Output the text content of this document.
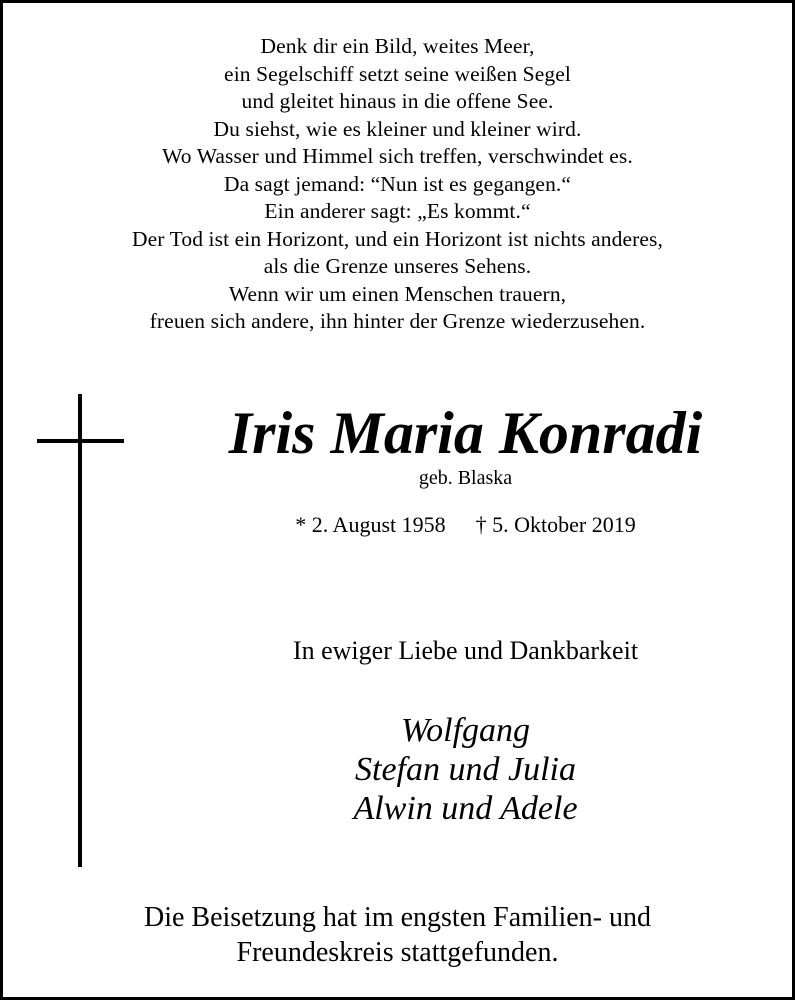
Denk dir ein Bild, weites Meer,
ein Segelschiff setzt seine weißen Segel
und gleitet hinaus in die offene See.
Du siehst, wie es kleiner und kleiner wird.
Wo Wasser und Himmel sich treffen, verschwindet es.
Da sagt jemand: “Nun ist es gegangen.“
Ein anderer sagt: „Es kommt.“
Der Tod ist ein Horizont, und ein Horizont ist nichts anderes,
als die Grenze unseres Sehens.
Wenn wir um einen Menschen trauern,
freuen sich andere, ihn hinter der Grenze wiederzusehen.
Iris Maria Konradi
geb. Blaska
* 2. August 1958 † 5. Oktober 2019
In ewiger Liebe und Dankbarkeit
Wolfgang
Stefan und Julia
Alwin und Adele
Die Beisetzung hat im engsten Familien- und
Freundeskreis stattgefunden.
